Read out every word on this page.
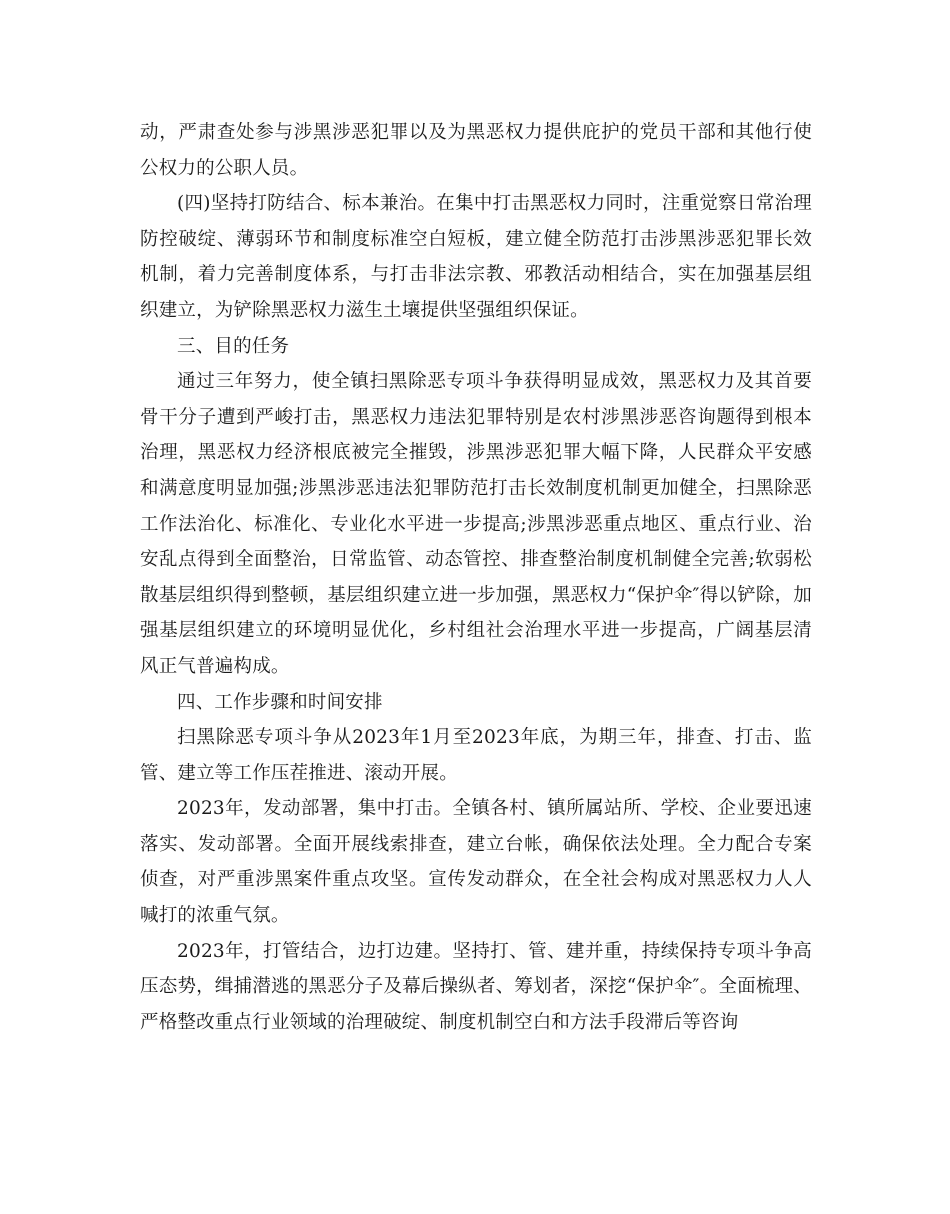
动，严肃查处参与涉黑涉恶犯罪以及为黑恶权力提供庇护的党员干部和其他行使公权力的公职人员。

(四)坚持打防结合、标本兼治。在集中打击黑恶权力同时，注重觉察日常治理防控破绽、薄弱环节和制度标准空白短板，建立健全防范打击涉黑涉恶犯罪长效机制，着力完善制度体系，与打击非法宗教、邪教活动相结合，实在加强基层组织建立，为铲除黑恶权力滋生土壤提供坚强组织保证。

三、目的任务

通过三年努力，使全镇扫黑除恶专项斗争获得明显成效，黑恶权力及其首要骨干分子遭到严峻打击，黑恶权力违法犯罪特别是农村涉黑涉恶咨询题得到根本治理，黑恶权力经济根底被完全摧毁，涉黑涉恶犯罪大幅下降，人民群众平安感和满意度明显加强;涉黑涉恶违法犯罪防范打击长效制度机制更加健全，扫黑除恶工作法治化、标准化、专业化水平进一步提高;涉黑涉恶重点地区、重点行业、治安乱点得到全面整治，日常监管、动态管控、排查整治制度机制健全完善;软弱松散基层组织得到整顿，基层组织建立进一步加强，黑恶权力“保护伞″得以铲除，加强基层组织建立的环境明显优化，乡村组社会治理水平进一步提高，广阔基层清风正气普遍构成。

四、工作步骤和时间安排

扫黑除恶专项斗争从2023年1月至2023年底，为期三年，排查、打击、监管、建立等工作压茬推进、滚动开展。

2023年，发动部署，集中打击。全镇各村、镇所属站所、学校、企业要迅速落实、发动部署。全面开展线索排查，建立台帐，确保依法处理。全力配合专案侦查，对严重涉黑案件重点攻坚。宣传发动群众，在全社会构成对黑恶权力人人喊打的浓重气氛。

2023年，打管结合，边打边建。坚持打、管、建并重，持续保持专项斗争高压态势，缉捕潜逃的黑恶分子及幕后操纵者、筹划者，深挖“保护伞″。全面梳理、严格整改重点行业领域的治理破绽、制度机制空白和方法手段滞后等咨询
